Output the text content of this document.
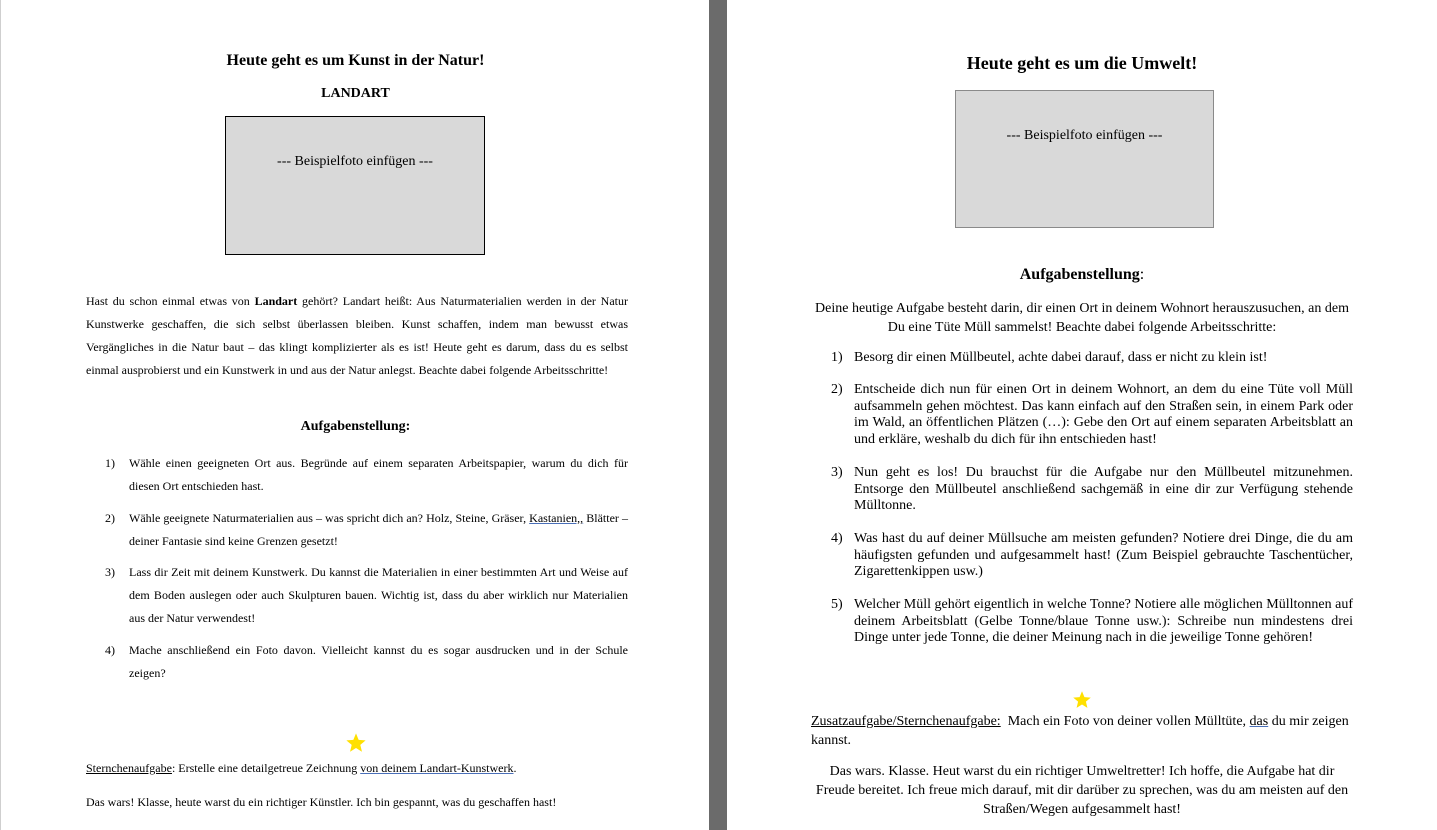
Heute geht es um Kunst in der Natur!
LANDART
--- Beispielfoto einfügen ---
Hast du schon einmal etwas von Landart gehört? Landart heißt: Aus Naturmaterialien werden in der Natur Kunstwerke geschaffen, die sich selbst überlassen bleiben. Kunst schaffen, indem man bewusst etwas Vergängliches in die Natur baut – das klingt komplizierter als es ist! Heute geht es darum, dass du es selbst einmal ausprobierst und ein Kunstwerk in und aus der Natur anlegst. Beachte dabei folgende Arbeitsschritte!
Aufgabenstellung:
1) Wähle einen geeigneten Ort aus. Begründe auf einem separaten Arbeitspapier, warum du dich für diesen Ort entschieden hast.
2) Wähle geeignete Naturmaterialien aus – was spricht dich an? Holz, Steine, Gräser, Kastanien,, Blätter – deiner Fantasie sind keine Grenzen gesetzt!
3) Lass dir Zeit mit deinem Kunstwerk. Du kannst die Materialien in einer bestimmten Art und Weise auf dem Boden auslegen oder auch Skulpturen bauen. Wichtig ist, dass du aber wirklich nur Materialien aus der Natur verwendest!
4) Mache anschließend ein Foto davon. Vielleicht kannst du es sogar ausdrucken und in der Schule zeigen?
Sternchenaufgabe: Erstelle eine detailgetreue Zeichnung von deinem Landart-Kunstwerk.
Das wars! Klasse, heute warst du ein richtiger Künstler. Ich bin gespannt, was du geschaffen hast!
Heute geht es um die Umwelt!
--- Beispielfoto einfügen ---
Aufgabenstellung:
Deine heutige Aufgabe besteht darin, dir einen Ort in deinem Wohnort herauszusuchen, an dem Du eine Tüte Müll sammelst! Beachte dabei folgende Arbeitsschritte:
1) Besorg dir einen Müllbeutel, achte dabei darauf, dass er nicht zu klein ist!
2) Entscheide dich nun für einen Ort in deinem Wohnort, an dem du eine Tüte voll Müll aufsammeln gehen möchtest. Das kann einfach auf den Straßen sein, in einem Park oder im Wald, an öffentlichen Plätzen (…): Gebe den Ort auf einem separaten Arbeitsblatt an und erkläre, weshalb du dich für ihn entschieden hast!
3) Nun geht es los! Du brauchst für die Aufgabe nur den Müllbeutel mitzunehmen. Entsorge den Müllbeutel anschließend sachgemäß in eine dir zur Verfügung stehende Mülltonne.
4) Was hast du auf deiner Müllsuche am meisten gefunden? Notiere drei Dinge, die du am häufigsten gefunden und aufgesammelt hast! (Zum Beispiel gebrauchte Taschentücher, Zigarettenkippen usw.)
5) Welcher Müll gehört eigentlich in welche Tonne? Notiere alle möglichen Mülltonnen auf deinem Arbeitsblatt (Gelbe Tonne/blaue Tonne usw.): Schreibe nun mindestens drei Dinge unter jede Tonne, die deiner Meinung nach in die jeweilige Tonne gehören!
Zusatzaufgabe/Sternchenaufgabe:  Mach ein Foto von deiner vollen Mülltüte, das du mir zeigen kannst.
Das wars. Klasse. Heut warst du ein richtiger Umweltretter! Ich hoffe, die Aufgabe hat dir Freude bereitet. Ich freue mich darauf, mit dir darüber zu sprechen, was du am meisten auf den Straßen/Wegen aufgesammelt hast!
